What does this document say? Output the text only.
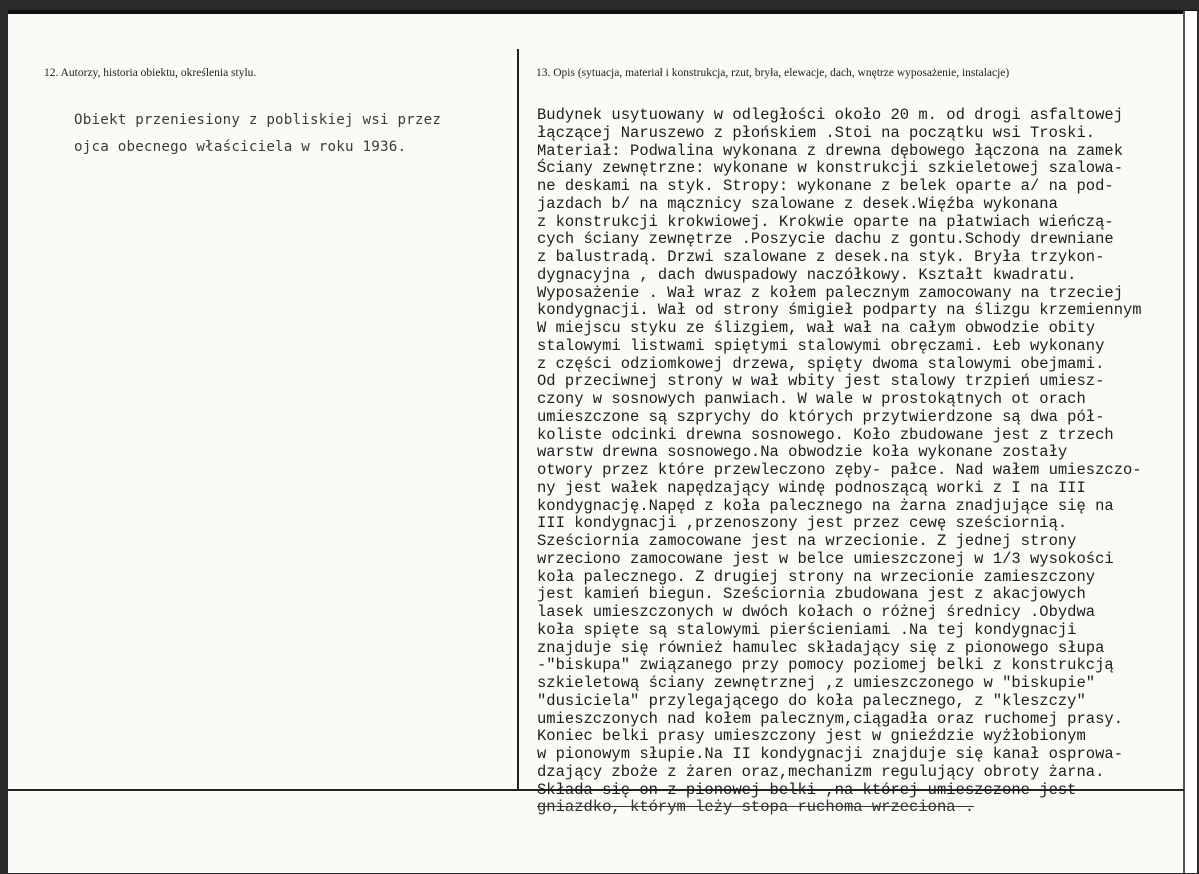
12. Autorzy, historia obiektu, określenia stylu.	13. Opis (sytuacja, materiał i konstrukcja, rzut, bryła, elewacje, dach, wnętrze wyposażenie, instalacje)
Obiekt przeniesiony z pobliskiej wsi przez
ojca obecnego właściciela w roku 1936.
Budynek usytuowany w odległości około 20 m. od drogi asfaltowej
łączącej Naruszewo z płońskiem .Stoi na początku wsi Troski.
Materiał: Podwalina wykonana z drewna dębowego łączona na zamek
Ściany zewnętrzne: wykonane w konstrukcji szkieletowej szalowa-
ne deskami na styk. Stropy: wykonane z belek oparte a/ na pod-
jazdach b/ na mącznicy szalowane z desek.Więźba wykonana
z konstrukcji krokwiowej. Krokwie oparte na płatwiach wieńczą-
cych ściany zewnętrze .Poszycie dachu z gontu.Schody drewniane
z balustradą. Drzwi szalowane z desek.na styk. Bryła trzykon-
dygnacyjna , dach dwuspadowy naczółkowy. Kształt kwadratu.
Wyposażenie . Wał wraz z kołem palecznym zamocowany na trzeciej
kondygnacji. Wał od strony śmigieł podparty na ślizgu krzemiennym
W miejscu styku ze ślizgiem, wał wał na całym obwodzie obity
stalowymi listwami spiętymi stalowymi obręczami. Łeb wykonany
z części odziomkowej drzewa, spięty dwoma stalowymi obejmami.
Od przeciwnej strony w wał wbity jest stalowy trzpień umiesz-
czony w sosnowych panwiach. W wale w prostokątnych ot orach
umieszczone są szprychy do których przytwierdzone są dwa pół-
koliste odcinki drewna sosnowego. Koło zbudowane jest z trzech
warstw drewna sosnowego.Na obwodzie koła wykonane zostały
otwory przez które przewleczono zęby- pałce. Nad wałem umieszczo-
ny jest wałek napędzający windę podnoszącą worki z I na III
kondygnację.Napęd z koła palecznego na żarna znadjujące się na
III kondygnacji ,przenoszony jest przez cewę sześciornią.
Sześciornia zamocowane jest na wrzecionie. Z jednej strony
wrzeciono zamocowane jest w belce umieszczonej w 1/3 wysokości
koła palecznego. Z drugiej strony na wrzecionie zamieszczony
jest kamień biegun. Sześciornia zbudowana jest z akacjowych
lasek umieszczonych w dwóch kołach o różnej średnicy .Obydwa
koła spięte są stalowymi pierścieniami .Na tej kondygnacji
znajduje się również hamulec składający się z pionowego słupa
-"biskupa" związanego przy pomocy poziomej belki z konstrukcją
szkieletową ściany zewnętrznej ,z umieszczonego w "biskupie"
"dusiciela" przylegającego do koła palecznego, z "kleszczy"
umieszczonych nad kołem palecznym,ciągadła oraz ruchomej prasy.
Koniec belki prasy umieszczony jest w gnieździe wyżłobionym
w pionowym słupie.Na II kondygnacji znajduje się kanał osprowa-
dzający zboże z żaren oraz,mechanizm regulujący obroty żarna.
Składa się on z pionowej belki ,na której umieszczone jest
gniazdko, którym leży stopa ruchoma wrzeciona .
